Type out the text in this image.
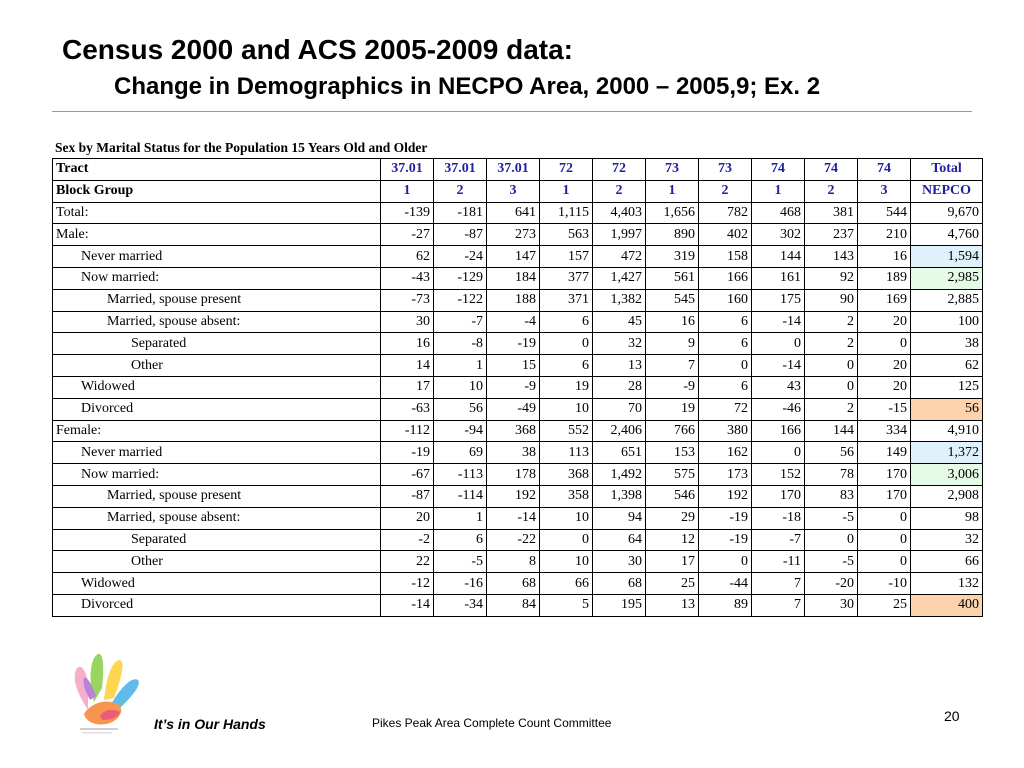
Census 2000 and ACS 2005-2009 data:
Change in Demographics in NECPO Area, 2000 – 2005,9; Ex. 2
Sex by Marital Status for the Population 15 Years Old and Older
Tract	37.01	37.01	37.01	72	72	73	73	74	74	74	Total
Block Group	1	2	3	1	2	1	2	1	2	3	NEPCO
Total:	-139	-181	641	1,115	4,403	1,656	782	468	381	544	9,670
Male:	-27	-87	273	563	1,997	890	402	302	237	210	4,760
Never married	62	-24	147	157	472	319	158	144	143	16	1,594
Now married:	-43	-129	184	377	1,427	561	166	161	92	189	2,985
Married, spouse present	-73	-122	188	371	1,382	545	160	175	90	169	2,885
Married, spouse absent:	30	-7	-4	6	45	16	6	-14	2	20	100
Separated	16	-8	-19	0	32	9	6	0	2	0	38
Other	14	1	15	6	13	7	0	-14	0	20	62
Widowed	17	10	-9	19	28	-9	6	43	0	20	125
Divorced	-63	56	-49	10	70	19	72	-46	2	-15	56
Female:	-112	-94	368	552	2,406	766	380	166	144	334	4,910
Never married	-19	69	38	113	651	153	162	0	56	149	1,372
Now married:	-67	-113	178	368	1,492	575	173	152	78	170	3,006
Married, spouse present	-87	-114	192	358	1,398	546	192	170	83	170	2,908
Married, spouse absent:	20	1	-14	10	94	29	-19	-18	-5	0	98
Separated	-2	6	-22	0	64	12	-19	-7	0	0	32
Other	22	-5	8	10	30	17	0	-11	-5	0	66
Widowed	-12	-16	68	66	68	25	-44	7	-20	-10	132
Divorced	-14	-34	84	5	195	13	89	7	30	25	400
It’s in Our Hands	Pikes Peak Area Complete Count Committee	20
